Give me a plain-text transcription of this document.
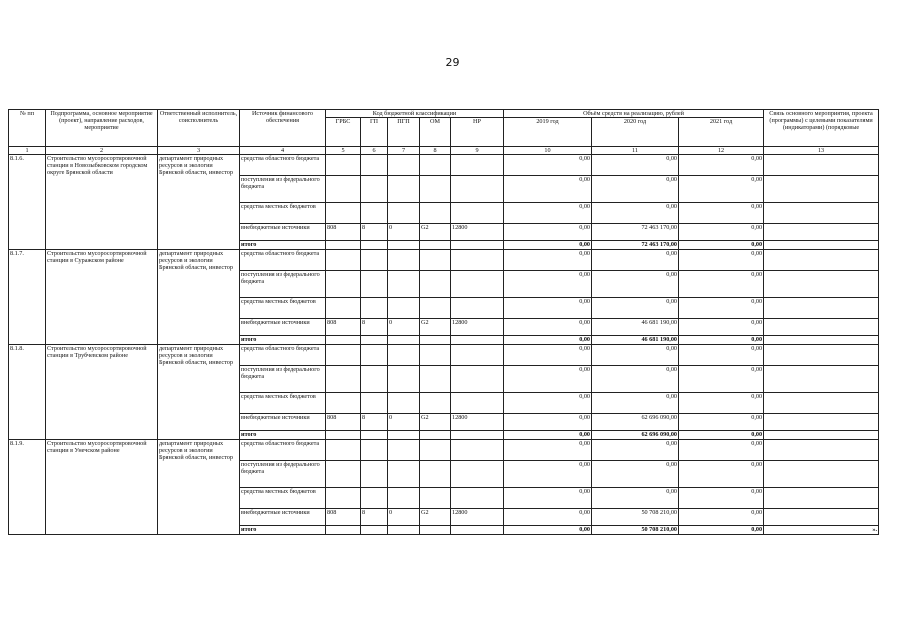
29
№ пп	Подпрограмма, основное мероприятие (проект), направление расходов, мероприятие	Ответственный исполнитель, соисполнитель	Источник финансового обеспечения	Код бюджетной классификации					Объём средств на реализацию, рублей			Связь основного мероприятия, проекта (программы) с целевыми показателями (индикаторами) (порядковые
				ГРБС	ГП	ПГП	ОМ	НР	2019 год	2020 год	2021 год	
1	2	3	4	5	6	7	8	9	10	11	12	13
8.1.6.	Строительство мусоросортировочной станции в Новозыбковском городском округе Брянской области	департамент природных ресурсов и экологии Брянской области, инвестор	средства областного бюджета						0,00	0,00	0,00	
			поступления из федерального бюджета						0,00	0,00	0,00	
			средства местных бюджетов						0,00	0,00	0,00	
			внебюджетные источники	808	8	0	G2	12800	0,00	72 463 170,00	0,00	
			итого						0,00	72 463 170,00	0,00	
8.1.7.	Строительство мусоросортировочной станции в Суражском районе	департамент природных ресурсов и экологии Брянской области, инвестор	средства областного бюджета						0,00	0,00	0,00	
			поступления из федерального бюджета						0,00	0,00	0,00	
			средства местных бюджетов						0,00	0,00	0,00	
			внебюджетные источники	808	8	0	G2	12800	0,00	46 681 190,00	0,00	
			итого						0,00	46 681 190,00	0,00	
8.1.8.	Строительство мусоросортировочной станции в Трубчевском районе	департамент природных ресурсов и экологии Брянской области, инвестор	средства областного бюджета						0,00	0,00	0,00	
			поступления из федерального бюджета						0,00	0,00	0,00	
			средства местных бюджетов						0,00	0,00	0,00	
			внебюджетные источники	808	8	0	G2	12800	0,00	62 696 090,00	0,00	
			итого						0,00	62 696 090,00	0,00	
8.1.9.	Строительство мусоросортировочной станции в Унечском районе	департамент природных ресурсов и экологии Брянской области, инвестор	средства областного бюджета						0,00	0,00	0,00	
			поступления из федерального бюджета						0,00	0,00	0,00	
			средства местных бюджетов						0,00	0,00	0,00	
			внебюджетные источники	808	8	0	G2	12800	0,00	50 708 210,00	0,00	
			итого						0,00	50 708 210,00	0,00	».
